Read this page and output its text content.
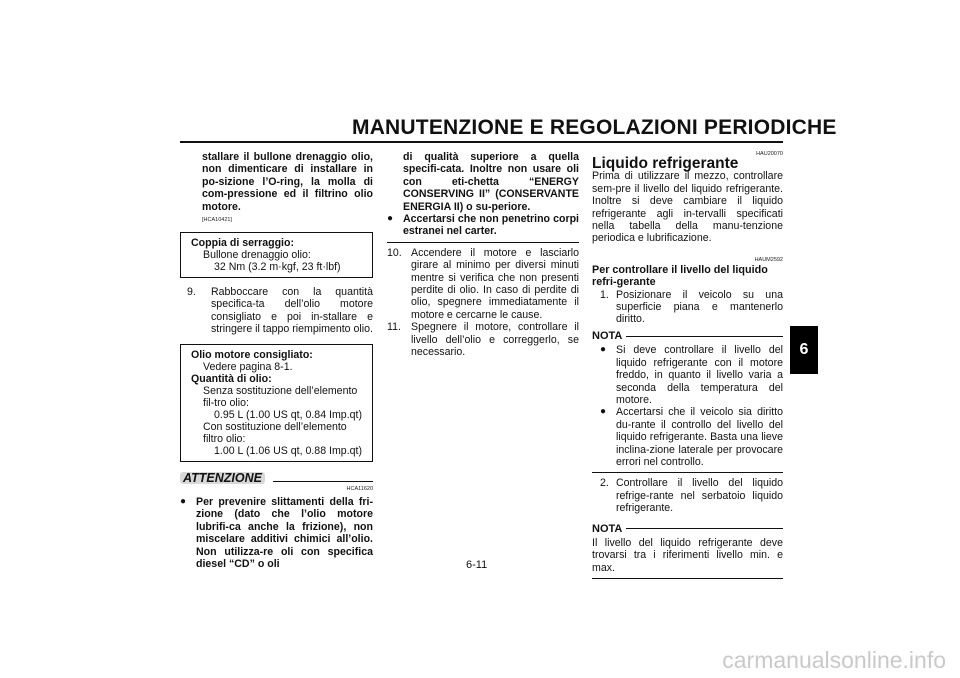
MANUTENZIONE E REGOLAZIONI PERIODICHE
6
stallare il bullone drenaggio olio, non dimenticare di installare in po-sizione l’O-ring, la molla di com-pressione ed il filtrino olio motore.
[HCA10421]
Coppia di serraggio:
Bullone drenaggio olio:
32 Nm (3.2 m·kgf, 23 ft·lbf)
9.	Rabboccare con la quantità specifica-ta dell’olio motore consigliato e poi in-stallare e stringere il tappo riempimento olio.
Olio motore consigliato:
Vedere pagina 8-1.
Quantità di olio:
Senza sostituzione dell’elemento fil-tro olio:
0.95 L (1.00 US qt, 0.84 Imp.qt)
Con sostituzione dell’elemento filtro olio:
1.00 L (1.06 US qt, 0.88 Imp.qt)
ATTENZIONE
HCA11620
● Per prevenire slittamenti della fri-zione (dato che l’olio motore lubrifi-ca anche la frizione), non miscelare additivi chimici all’olio. Non utilizza-re oli con specifica diesel “CD” o oli
di qualità superiore a quella specifi-cata. Inoltre non usare oli con eti-chetta “ENERGY CONSERVING II” (CONSERVANTE ENERGIA II) o su-periore.
● Accertarsi che non penetrino corpi estranei nel carter.
10. Accendere il motore e lasciarlo girare al minimo per diversi minuti mentre si verifica che non presenti perdite di olio. In caso di perdite di olio, spegnere immediatamente il motore e cercarne le cause.
11. Spegnere il motore, controllare il livello dell’olio e correggerlo, se necessario.
HAU20070
Liquido refrigerante
Prima di utilizzare il mezzo, controllare sem-pre il livello del liquido refrigerante. Inoltre si deve cambiare il liquido refrigerante agli in-tervalli specificati nella tabella della manu-tenzione periodica e lubrificazione.
HAUM2592
Per controllare il livello del liquido refri-gerante
1. Posizionare il veicolo su una superficie piana e mantenerlo diritto.
NOTA
● Si deve controllare il livello del liquido refrigerante con il motore freddo, in quanto il livello varia a seconda della temperatura del motore.
● Accertarsi che il veicolo sia diritto du-rante il controllo del livello del liquido refrigerante. Basta una lieve inclina-zione laterale per provocare errori nel controllo.
2. Controllare il livello del liquido refrige-rante nel serbatoio liquido refrigerante.
NOTA
Il livello del liquido refrigerante deve trovarsi tra i riferimenti livello min. e max.
6-11
carmanualsonline.info
